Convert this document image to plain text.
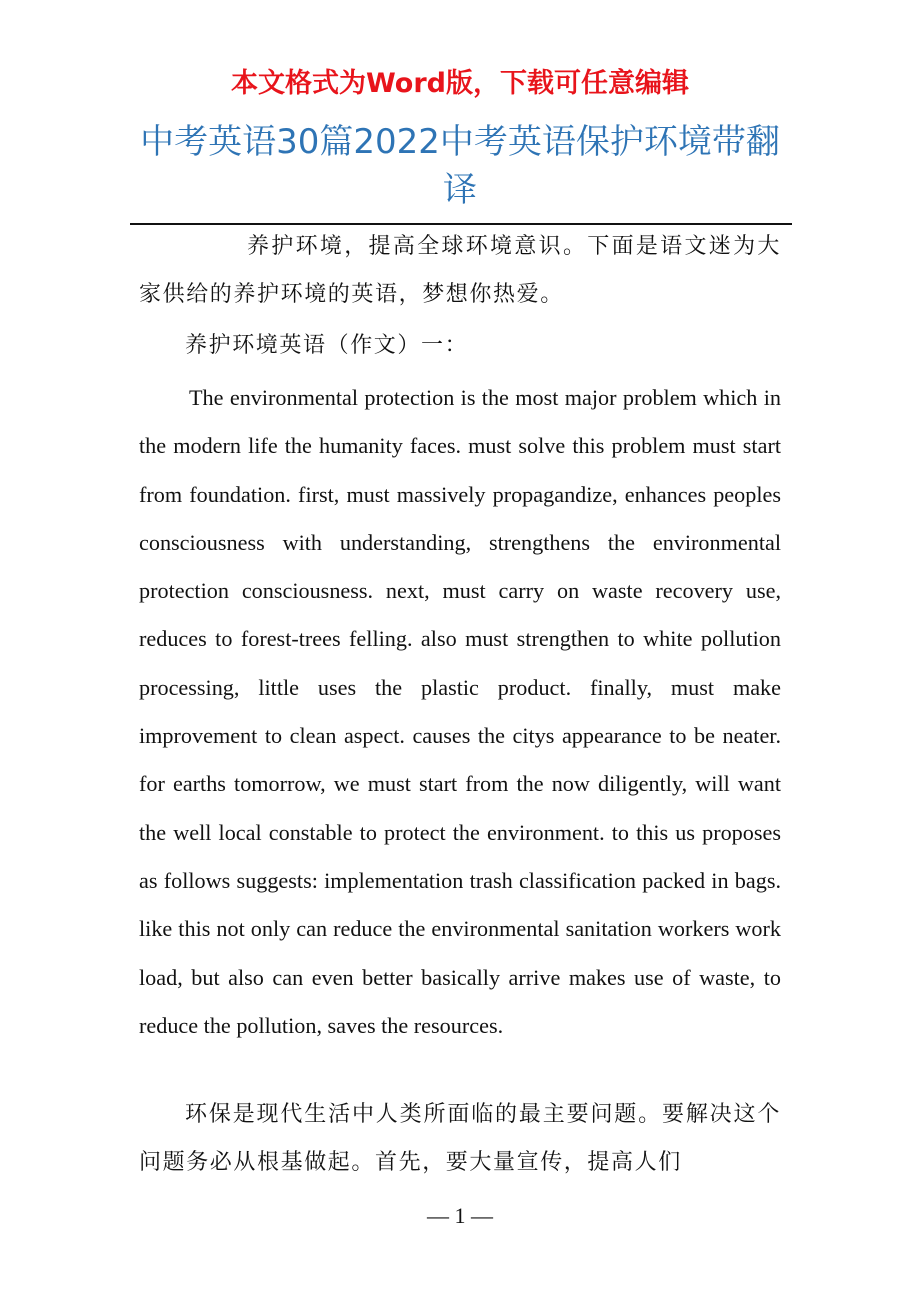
本文格式为Word版，下载可任意编辑
中考英语30篇2022中考英语保护环境带翻译

养护环境，提高全球环境意识。下面是语文迷为大家供给的养护环境的英语，梦想你热爱。

养护环境英语（作文）一：

The environmental protection is the most major problem which in the modern life the humanity faces. must solve this problem must start from foundation. first, must massively propagandize, enhances peoples consciousness with understanding, strengthens the environmental protection consciousness. next, must carry on waste recovery use, reduces to forest-trees felling. also must strengthen to white pollution processing, little uses the plastic product. finally, must make improvement to clean aspect. causes the citys appearance to be neater. for earths tomorrow, we must start from the now diligently, will want the well local constable to protect the environment. to this us proposes as follows suggests: implementation trash classification packed in bags. like this not only can reduce the environmental sanitation workers work load, but also can even better basically arrive makes use of waste, to reduce the pollution, saves the resources.

环保是现代生活中人类所面临的最主要问题。要解决这个问题务必从根基做起。首先，要大量宣传，提高人们

— 1 —
